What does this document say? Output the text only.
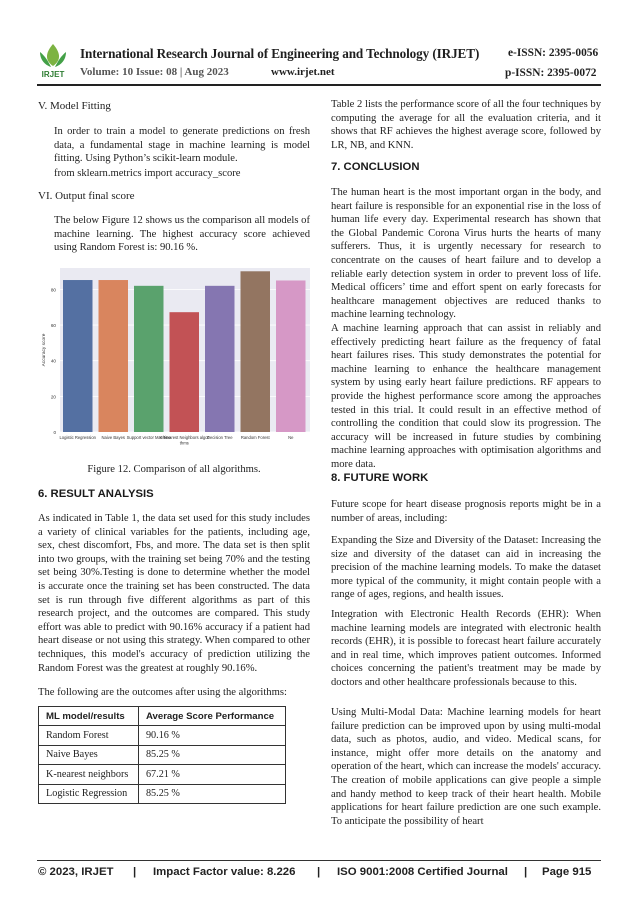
IRJET
International Research Journal of Engineering and Technology (IRJET)	e-ISSN: 2395-0056
Volume: 10 Issue: 08 | Aug 2023	www.irjet.net	p-ISSN: 2395-0072
V. Model Fitting
In order to train a model to generate predictions on fresh data, a fundamental stage in machine learning is model fitting. Using Python’s scikit-learn module.
from sklearn.metrics import accuracy_score
VI. Output final score
The below Figure 12 shows us the comparison all models of machine learning. The highest accuracy score achieved using Random Forest is: 90.16 %.
0
20
40
60
80
Accuracy score
Logistic Regression Naive Bayes Support vector Machine
K-Nearest Neighbors algor
thms
Decision Tree Random Forest	Ne
Figure 12. Comparison of all algorithms.
6. RESULT ANALYSIS
As indicated in Table 1, the data set used for this study includes a variety of clinical variables for the patients, including age, sex, chest discomfort, Fbs, and more. The data set is then split into two groups, with the training set being 70% and the testing set being 30%.Testing is done to determine whether the model is accurate once the training set has been constructed. The data set is run through five different algorithms as part of this research project, and the outcomes are compared. This study effort was able to predict with 90.16% accuracy if a patient had heart disease or not using this strategy. When compared to other techniques, this model's accuracy of prediction utilizing the Random Forest was the greatest at roughly 90.16%.
The following are the outcomes after using the algorithms:
ML model/results	Average Score Performance
Random Forest	90.16 %
Naive Bayes	85.25 %
K-nearest neighbors	67.21 %
Logistic Regression	85.25 %
Table 2 lists the performance score of all the four techniques by computing the average for all the evaluation criteria, and it shows that RF achieves the highest average score, followed by LR, NB, and KNN.
7. CONCLUSION
The human heart is the most important organ in the body, and heart failure is responsible for an exponential rise in the loss of human life every day. Experimental research has shown that the Global Pandemic Corona Virus hurts the hearts of many sufferers. Thus, it is urgently necessary for research to concentrate on the causes of heart failure and to develop a reliable early detection system in order to prevent loss of life. Medical officers’ time and effort spent on early forecasts for healthcare management objectives are reduced thanks to machine learning technology.
A machine learning approach that can assist in reliably and effectively predicting heart failure as the frequency of fatal heart failures rises. This study demonstrates the potential for machine learning to enhance the healthcare management system by using early heart failure predictions. RF appears to provide the highest performance score among the approaches tested in this trial. It could result in an effective method of controlling the condition that could slow its progression. The accuracy will be increased in future studies by combining machine learning approaches with optimisation algorithms and more data.
8. FUTURE WORK
Future scope for heart disease prognosis reports might be in a number of areas, including:
Expanding the Size and Diversity of the Dataset: Increasing the size and diversity of the dataset can aid in increasing the precision of the machine learning models. To make the dataset more typical of the community, it might contain people with a range of ages, regions, and health issues.
Integration with Electronic Health Records (EHR): When machine learning models are integrated with electronic health records (EHR), it is possible to forecast heart failure accurately and in real time, which improves patient outcomes. Informed choices concerning the patient's treatment may be made by doctors and other healthcare professionals because to this.
Using Multi-Modal Data: Machine learning models for heart failure prediction can be improved upon by using multi-modal data, such as photos, audio, and video. Medical scans, for instance, might offer more details on the anatomy and operation of the heart, which can increase the models' accuracy. The creation of mobile applications can give people a simple and handy method to keep track of their heart health. Mobile applications for heart failure prediction are one such example. To anticipate the possibility of heart
© 2023, IRJET | Impact Factor value: 8.226 | ISO 9001:2008 Certified Journal | Page 915
